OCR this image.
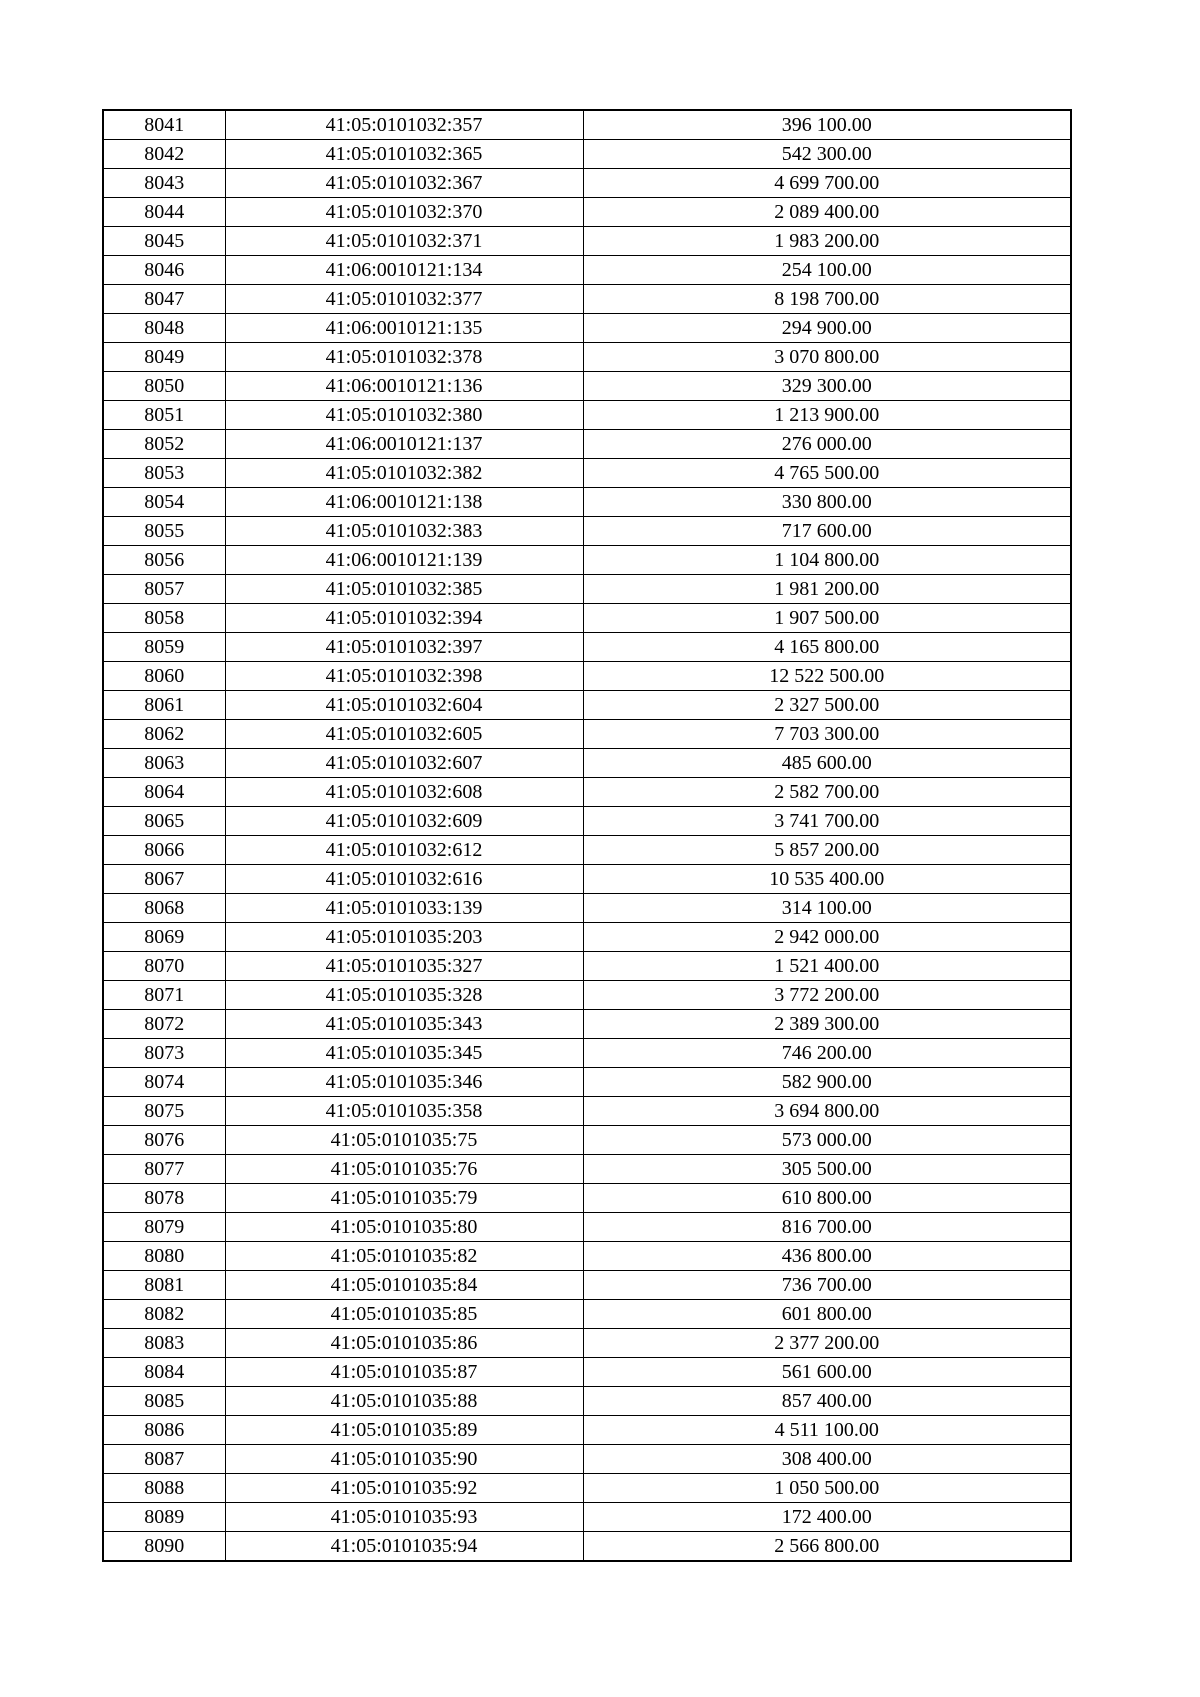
8041	41:05:0101032:357	396 100.00
8042	41:05:0101032:365	542 300.00
8043	41:05:0101032:367	4 699 700.00
8044	41:05:0101032:370	2 089 400.00
8045	41:05:0101032:371	1 983 200.00
8046	41:06:0010121:134	254 100.00
8047	41:05:0101032:377	8 198 700.00
8048	41:06:0010121:135	294 900.00
8049	41:05:0101032:378	3 070 800.00
8050	41:06:0010121:136	329 300.00
8051	41:05:0101032:380	1 213 900.00
8052	41:06:0010121:137	276 000.00
8053	41:05:0101032:382	4 765 500.00
8054	41:06:0010121:138	330 800.00
8055	41:05:0101032:383	717 600.00
8056	41:06:0010121:139	1 104 800.00
8057	41:05:0101032:385	1 981 200.00
8058	41:05:0101032:394	1 907 500.00
8059	41:05:0101032:397	4 165 800.00
8060	41:05:0101032:398	12 522 500.00
8061	41:05:0101032:604	2 327 500.00
8062	41:05:0101032:605	7 703 300.00
8063	41:05:0101032:607	485 600.00
8064	41:05:0101032:608	2 582 700.00
8065	41:05:0101032:609	3 741 700.00
8066	41:05:0101032:612	5 857 200.00
8067	41:05:0101032:616	10 535 400.00
8068	41:05:0101033:139	314 100.00
8069	41:05:0101035:203	2 942 000.00
8070	41:05:0101035:327	1 521 400.00
8071	41:05:0101035:328	3 772 200.00
8072	41:05:0101035:343	2 389 300.00
8073	41:05:0101035:345	746 200.00
8074	41:05:0101035:346	582 900.00
8075	41:05:0101035:358	3 694 800.00
8076	41:05:0101035:75	573 000.00
8077	41:05:0101035:76	305 500.00
8078	41:05:0101035:79	610 800.00
8079	41:05:0101035:80	816 700.00
8080	41:05:0101035:82	436 800.00
8081	41:05:0101035:84	736 700.00
8082	41:05:0101035:85	601 800.00
8083	41:05:0101035:86	2 377 200.00
8084	41:05:0101035:87	561 600.00
8085	41:05:0101035:88	857 400.00
8086	41:05:0101035:89	4 511 100.00
8087	41:05:0101035:90	308 400.00
8088	41:05:0101035:92	1 050 500.00
8089	41:05:0101035:93	172 400.00
8090	41:05:0101035:94	2 566 800.00
